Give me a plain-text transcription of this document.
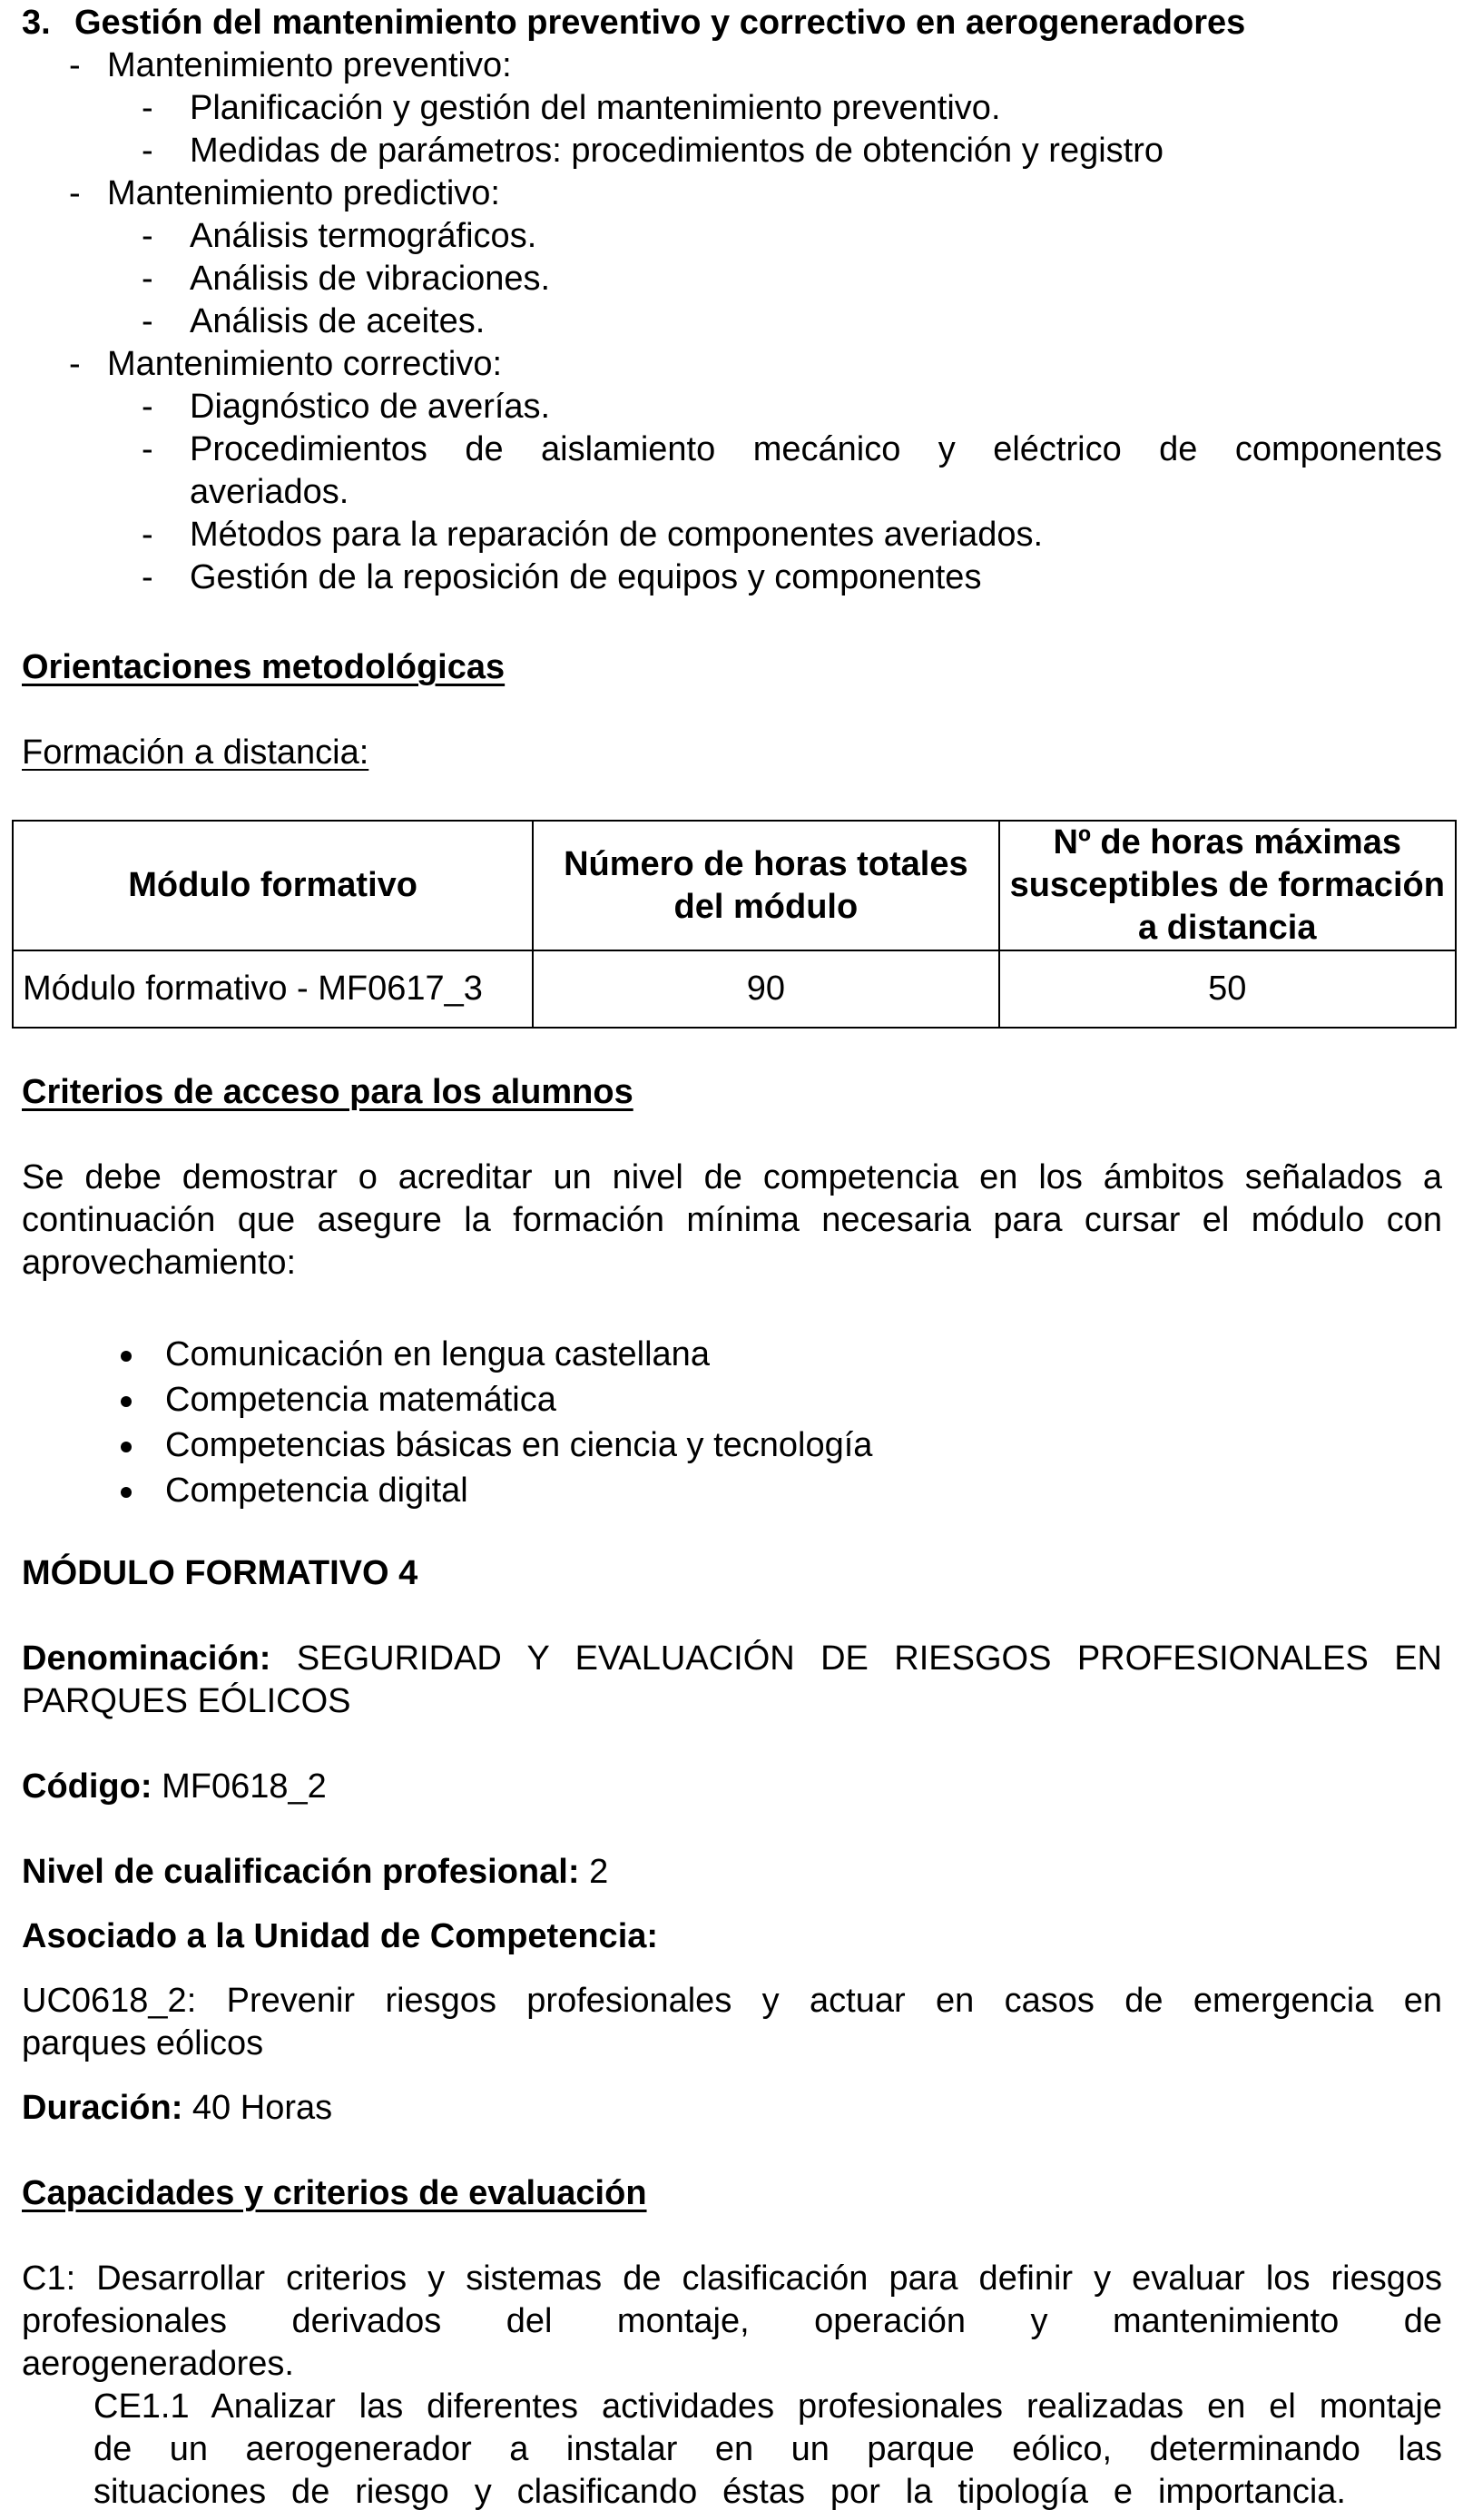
3. Gestión del mantenimiento preventivo y correctivo en aerogeneradores
- Mantenimiento preventivo:
- Planificación y gestión del mantenimiento preventivo.
- Medidas de parámetros: procedimientos de obtención y registro
- Mantenimiento predictivo:
- Análisis termográficos.
- Análisis de vibraciones.
- Análisis de aceites.
- Mantenimiento correctivo:
- Diagnóstico de averías.
- Procedimientos de aislamiento mecánico y eléctrico de componentes
averiados.
- Métodos para la reparación de componentes averiados.
- Gestión de la reposición de equipos y componentes
Orientaciones metodológicas
Formación a distancia:
Módulo formativo	Número de horas totales del módulo	Nº de horas máximas susceptibles de formación a distancia
Módulo formativo - MF0617_3	90	50
Criterios de acceso para los alumnos
Se debe demostrar o acreditar un nivel de competencia en los ámbitos señalados a
continuación que asegure la formación mínima necesaria para cursar el módulo con
aprovechamiento:
Comunicación en lengua castellana
Competencia matemática
Competencias básicas en ciencia y tecnología
Competencia digital
MÓDULO FORMATIVO 4
Denominación: SEGURIDAD Y EVALUACIÓN DE RIESGOS PROFESIONALES EN
PARQUES EÓLICOS
Código: MF0618_2
Nivel de cualificación profesional: 2
Asociado a la Unidad de Competencia:
UC0618_2: Prevenir riesgos profesionales y actuar en casos de emergencia en
parques eólicos
Duración: 40 Horas
Capacidades y criterios de evaluación
C1: Desarrollar criterios y sistemas de clasificación para definir y evaluar los riesgos
profesionales derivados del montaje, operación y mantenimiento de
aerogeneradores.
CE1.1 Analizar las diferentes actividades profesionales realizadas en el montaje
de un aerogenerador a instalar en un parque eólico, determinando las
situaciones de riesgo y clasificando éstas por la tipología e importancia.
